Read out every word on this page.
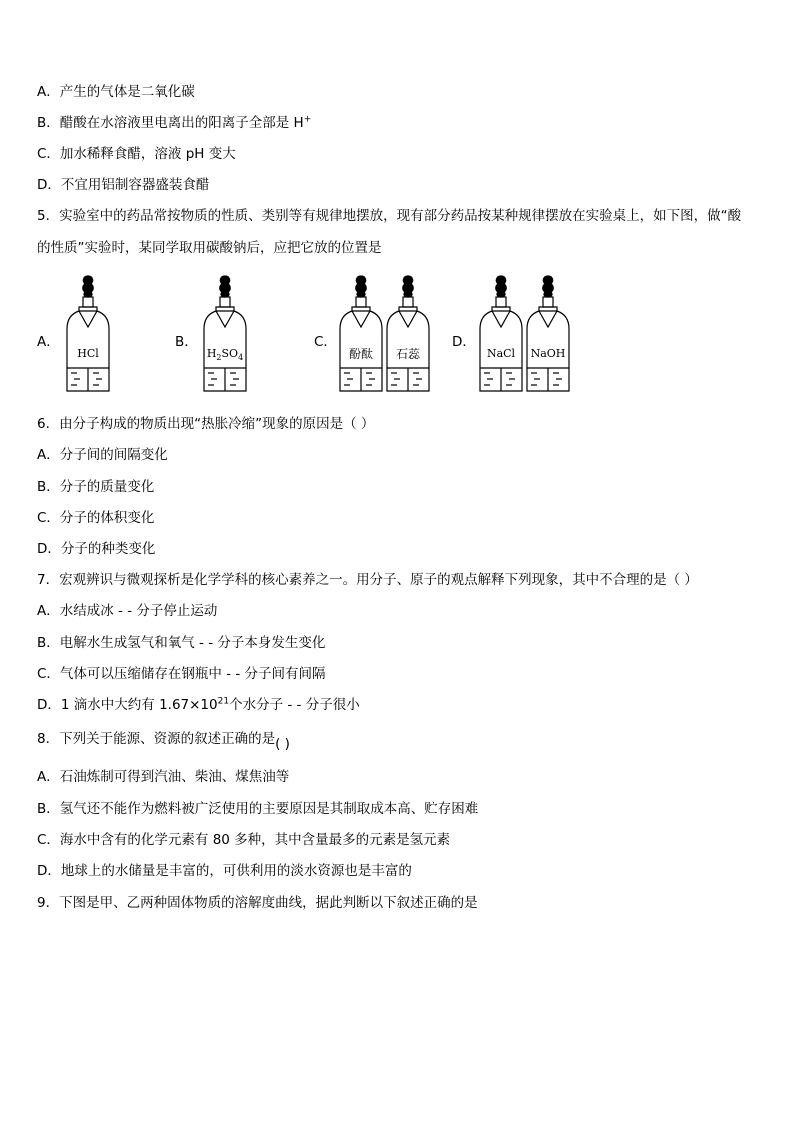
A．产生的气体是二氧化碳
B．醋酸在水溶液里电离出的阳离子全部是 H+
C．加水稀释食醋，溶液 pH 变大
D．不宜用铝制容器盛装食醋
5．实验室中的药品常按物质的性质、类别等有规律地摆放，现有部分药品按某种规律摆放在实验桌上，如下图，做“酸
的性质”实验时，某同学取用碳酸钠后，应把它放的位置是
A．	B．	C．	D．
HCl	$H_2SO_4$	酚酞	石蕊	NaCl	NaOH
6．由分子构成的物质出现“热胀冷缩”现象的原因是（ ）
A．分子间的间隔变化
B．分子的质量变化
C．分子的体积变化
D．分子的种类变化
7．宏观辨识与微观探析是化学学科的核心素养之一。用分子、原子的观点解释下列现象，其中不合理的是（ ）
A．水结成冰 - - 分子停止运动
B．电解水生成氢气和氧气 - - 分子本身发生变化
C．气体可以压缩储存在钢瓶中 - - 分子间有间隔
D．1 滴水中大约有 $1.67\times 10^{21}$个水分子 - - 分子很小
8．下列关于能源、资源的叙述正确的是( )
A．石油炼制可得到汽油、柴油、煤焦油等
B．氢气还不能作为燃料被广泛使用的主要原因是其制取成本高、贮存困难
C．海水中含有的化学元素有 80 多种，其中含量最多的元素是氢元素
D．地球上的水储量是丰富的，可供利用的淡水资源也是丰富的
9．下图是甲、乙两种固体物质的溶解度曲线，据此判断以下叙述正确的是
